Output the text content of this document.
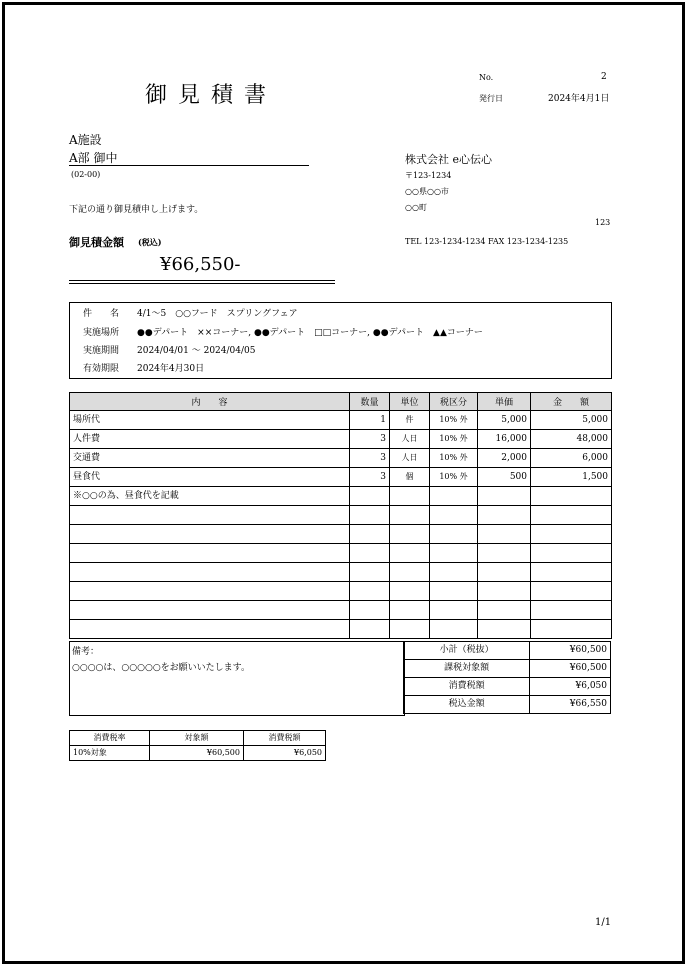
御見積書
No.	2
発行日	2024年4月1日
A施設
A部 御中
(02-00)
下記の通り御見積申し上げます。
御見積金額 (税込)
¥66,550-
株式会社 e心伝心
〒123-1234
○○県○○市
○○町
123
TEL 123-1234-1234 FAX 123-1234-1235
件　　名 4/1～5　○○フード　スプリングフェア
実施場所 ●●デパート　××コーナー, ●●デパート　□□コーナー, ●●デパート　▲▲コーナー
実施期間 2024/04/01 ～ 2024/04/05
有効期限 2024年4月30日
内　　容	数量	単位	税区分	単価	金　　額
場所代	1	件	10% 外	5,000	5,000
人件費	3	人日	10% 外	16,000	48,000
交通費	3	人日	10% 外	2,000	6,000
昼食代	3	個	10% 外	500	1,500
※○○の為、昼食代を記載					

備考：
○○○○は、○○○○○をお願いいたします。
小計（税抜）	¥60,500
課税対象額	¥60,500
消費税額	¥6,050
税込金額	¥66,550
消費税率	対象額	消費税額
10%対象	¥60,500	¥6,050
1/1
